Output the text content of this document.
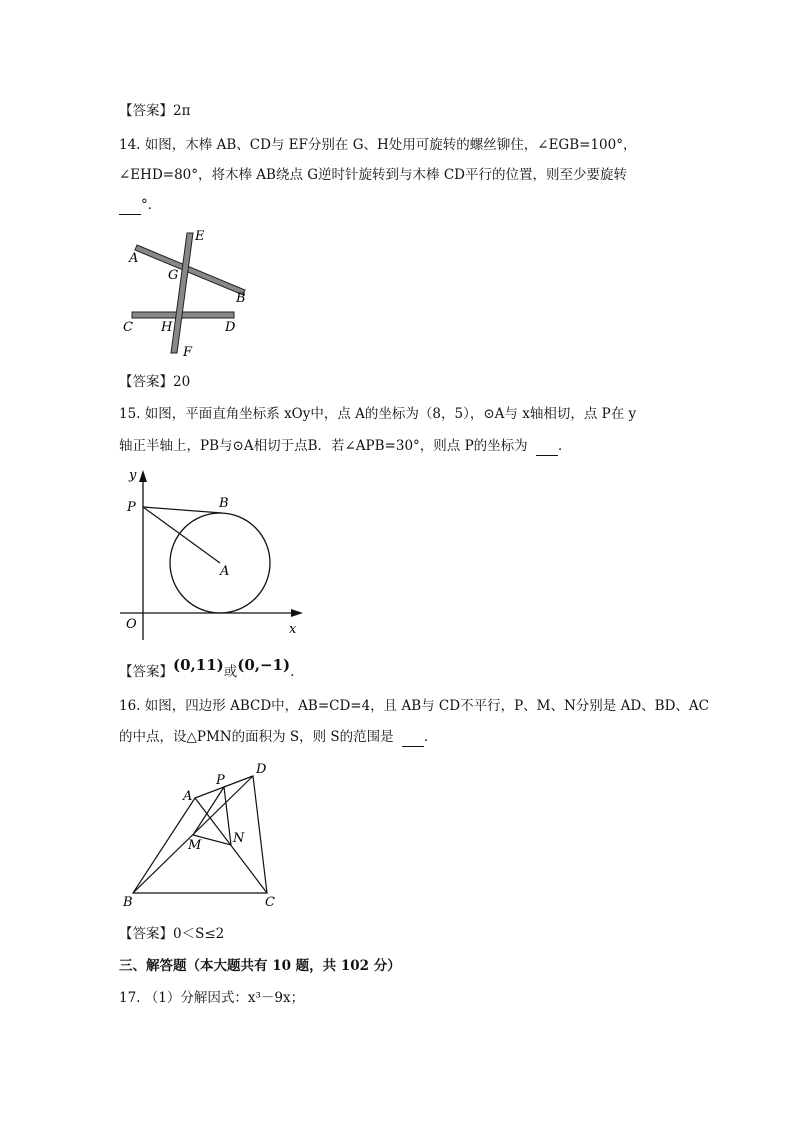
【答案】2π
14. 如图，木棒 AB、CD与 EF分别在 G、H处用可旋转的螺丝铆住，∠EGB=100°，
∠EHD=80°，将木棒 AB绕点 G逆时针旋转到与木棒 CD平行的位置，则至少要旋转
°．
E
A
G
B
C H	D
F
【答案】20
15. 如图，平面直角坐标系 xOy中，点 A的坐标为（8，5），⊙A与 x轴相切，点 P在 y
轴正半轴上，PB与⊙A相切于点B．若∠APB=30°，则点 P的坐标为 ．
y
P	B
A
O	x
【答案】(0,11)或(0,−1).
16. 如图，四边形 ABCD中，AB=CD=4，且 AB与 CD不平行，P、M、N分别是 AD、BD、AC
的中点，设△PMN的面积为 S，则 S的范围是 ．
A
P
D
M N
B	C
【答案】0＜S≤2
三、解答题（本大题共有 10 题，共 102 分）
17. （1）分解因式：x³－9x；
